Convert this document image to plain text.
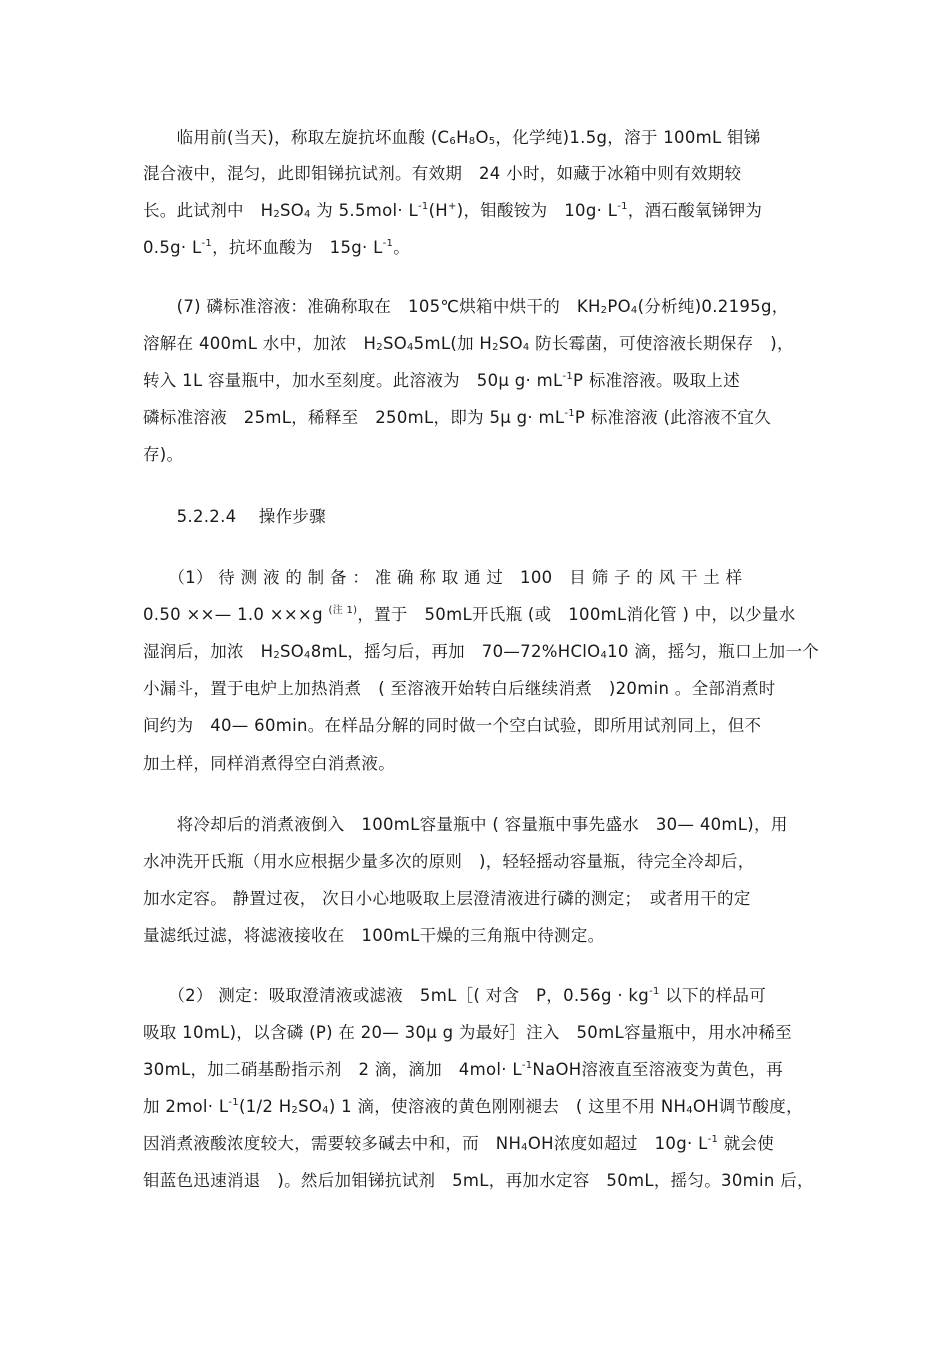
　　临用前(当天)，称取左旋抗坏血酸 ($C_6H_8O_5$，化学纯)1.5g，溶于 100mL 钼锑
混合液中，混匀，此即钼锑抗试剂。有效期　24 小时，如藏于冰箱中则有效期较
长。此试剂中　$H_2SO_4$ 为 $5.5mol\cdot L^{-1}(H^+)$，钼酸铵为　$10g\cdot L^{-1}$，酒石酸氧锑钾为
$0.5g\cdot L^{-1}$，抗坏血酸为　$15g\cdot L^{-1}$。
　　(7) 磷标准溶液：准确称取在　105℃烘箱中烘干的　$KH_2PO_4$(分析纯)0.2195g，
溶解在 400mL 水中，加浓　$H_2SO_45mL$(加 $H_2SO_4$ 防长霉菌，可使溶液长期保存　)，
转入 1L 容量瓶中，加水至刻度。此溶液为　50μ $g\cdot mL^{-1}P$ 标准溶液。吸取上述
磷标准溶液　25mL，稀释至　250mL，即为 5μ $g\cdot mL^{-1}P$ 标准溶液 (此溶液不宜久
存)。
　　5.2.2.4　 操作步骤
　　（1） 待 测 液 的 制 备 ： 准 确 称 取 通 过　100　目 筛 子 的 风 干 土 样
0.50 ××— 1.0 ×××g $^{(注 1)}$，置于　50mL开氏瓶 (或　100mL消化管 ) 中，以少量水
湿润后，加浓　$H_2SO_48mL$，摇匀后，再加　70—72%HClO$_4$10 滴，摇匀，瓶口上加一个
小漏斗，置于电炉上加热消煮　( 至溶液开始转白后继续消煮　)20min 。全部消煮时
间约为　40— 60min。在样品分解的同时做一个空白试验，即所用试剂同上，但不
加土样，同样消煮得空白消煮液。
　　将冷却后的消煮液倒入　100mL容量瓶中 ( 容量瓶中事先盛水　30— 40mL)，用
水冲洗开氏瓶（用水应根据少量多次的原则　)，轻轻摇动容量瓶，待完全冷却后，
加水定容。 静置过夜， 次日小心地吸取上层澄清液进行磷的测定；　或者用干的定
量滤纸过滤，将滤液接收在　100mL干燥的三角瓶中待测定。
　　（2） 测定：吸取澄清液或滤液　5mL［( 对含　P，$0.56g \cdot kg^{-1}$ 以下的样品可
吸取 10mL)，以含磷 (P) 在 20— 30μ g 为最好］注入　50mL容量瓶中，用水冲稀至
30mL，加二硝基酚指示剂　2 滴，滴加　$4mol\cdot L^{-1}NaOH$溶液直至溶液变为黄色，再
加 $2mol\cdot L^{-1}(1/2$ $H_2SO_4$) 1 滴，使溶液的黄色刚刚褪去　( 这里不用 $NH_4OH$调节酸度，
因消煮液酸浓度较大，需要较多碱去中和，而　$NH_4OH$浓度如超过　$10g\cdot L^{-1}$ 就会使
钼蓝色迅速消退　)。然后加钼锑抗试剂　5mL，再加水定容　50mL，摇匀。30min 后，
